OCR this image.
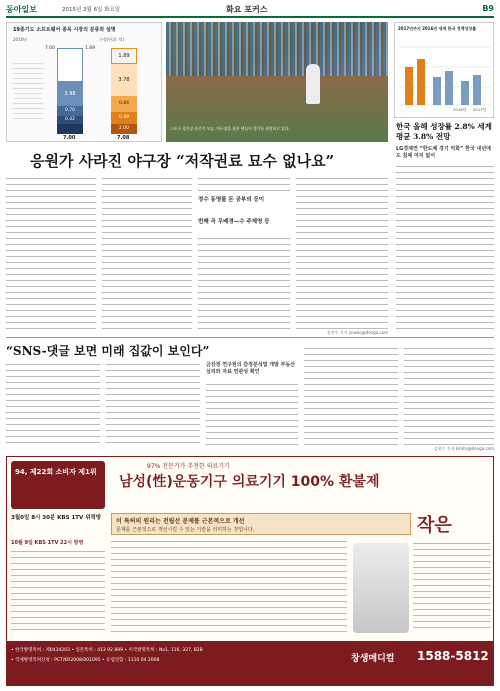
동아일보	2015년 3월 6일 화요일	화요 포커스	B9
19종기도 소프트웨어 종목 시장의 분류와 설명
2010년	수정(단위: 억)
3.98
0.70
0.42
1.89
3.78
0.84
0.49
2.00
7.00	1.89
7.00	7.08
스포츠 경기장 관중석 모습. 야구장을 찾은 팬들이 경기를 관람하고 있다.
응원가 사라진 야구장 “저작권료 묘수 없나요”
정수 동영를 돈 공부의 등이
번째 곡 무배경—수 주제영 등
송진우 기자 jinwoo@donga.com
2017년까지 2016년 세계 한국 정책성장률
2016년 2017년
한국 올해 성장률 2.8% 세계평균 3.8% 전망
LG경제연 “한도체 경기 악화” 한국 내년에도 침체 여지 없어
“SNS-댓글 보면 미래 집값이 보인다”
금감정 연구원의 감정분석법 개발 부동산 심리와 자료 연관성 확인
김현수 기자 kimhs@donga.com
94, 제22회 소비자 제1위
97% 전문가가 추천한 의료기기
남성(性)운동기구 의료기기 100% 환불제
이 특허의 원리는 전립선 문제를 근본적으로 개선
문제를 근본적으로 개선시킬 수 있는 기술을 의미하는 것입니다.	작은
3월0일 8시 30분 KBS 1TV 위력방
10월 9일 KBS 1TV 22시 방영
• 한국발명특허 : 제0434203 • 일본특허 : 413 92 899 • 미국발명특허 : No1, 116, 327, B2B
• 국제발명특허신청 : PCT/KR2008/001095 • 유럽연합 : 1110 04 2008	창생메디컬 1588-5812
